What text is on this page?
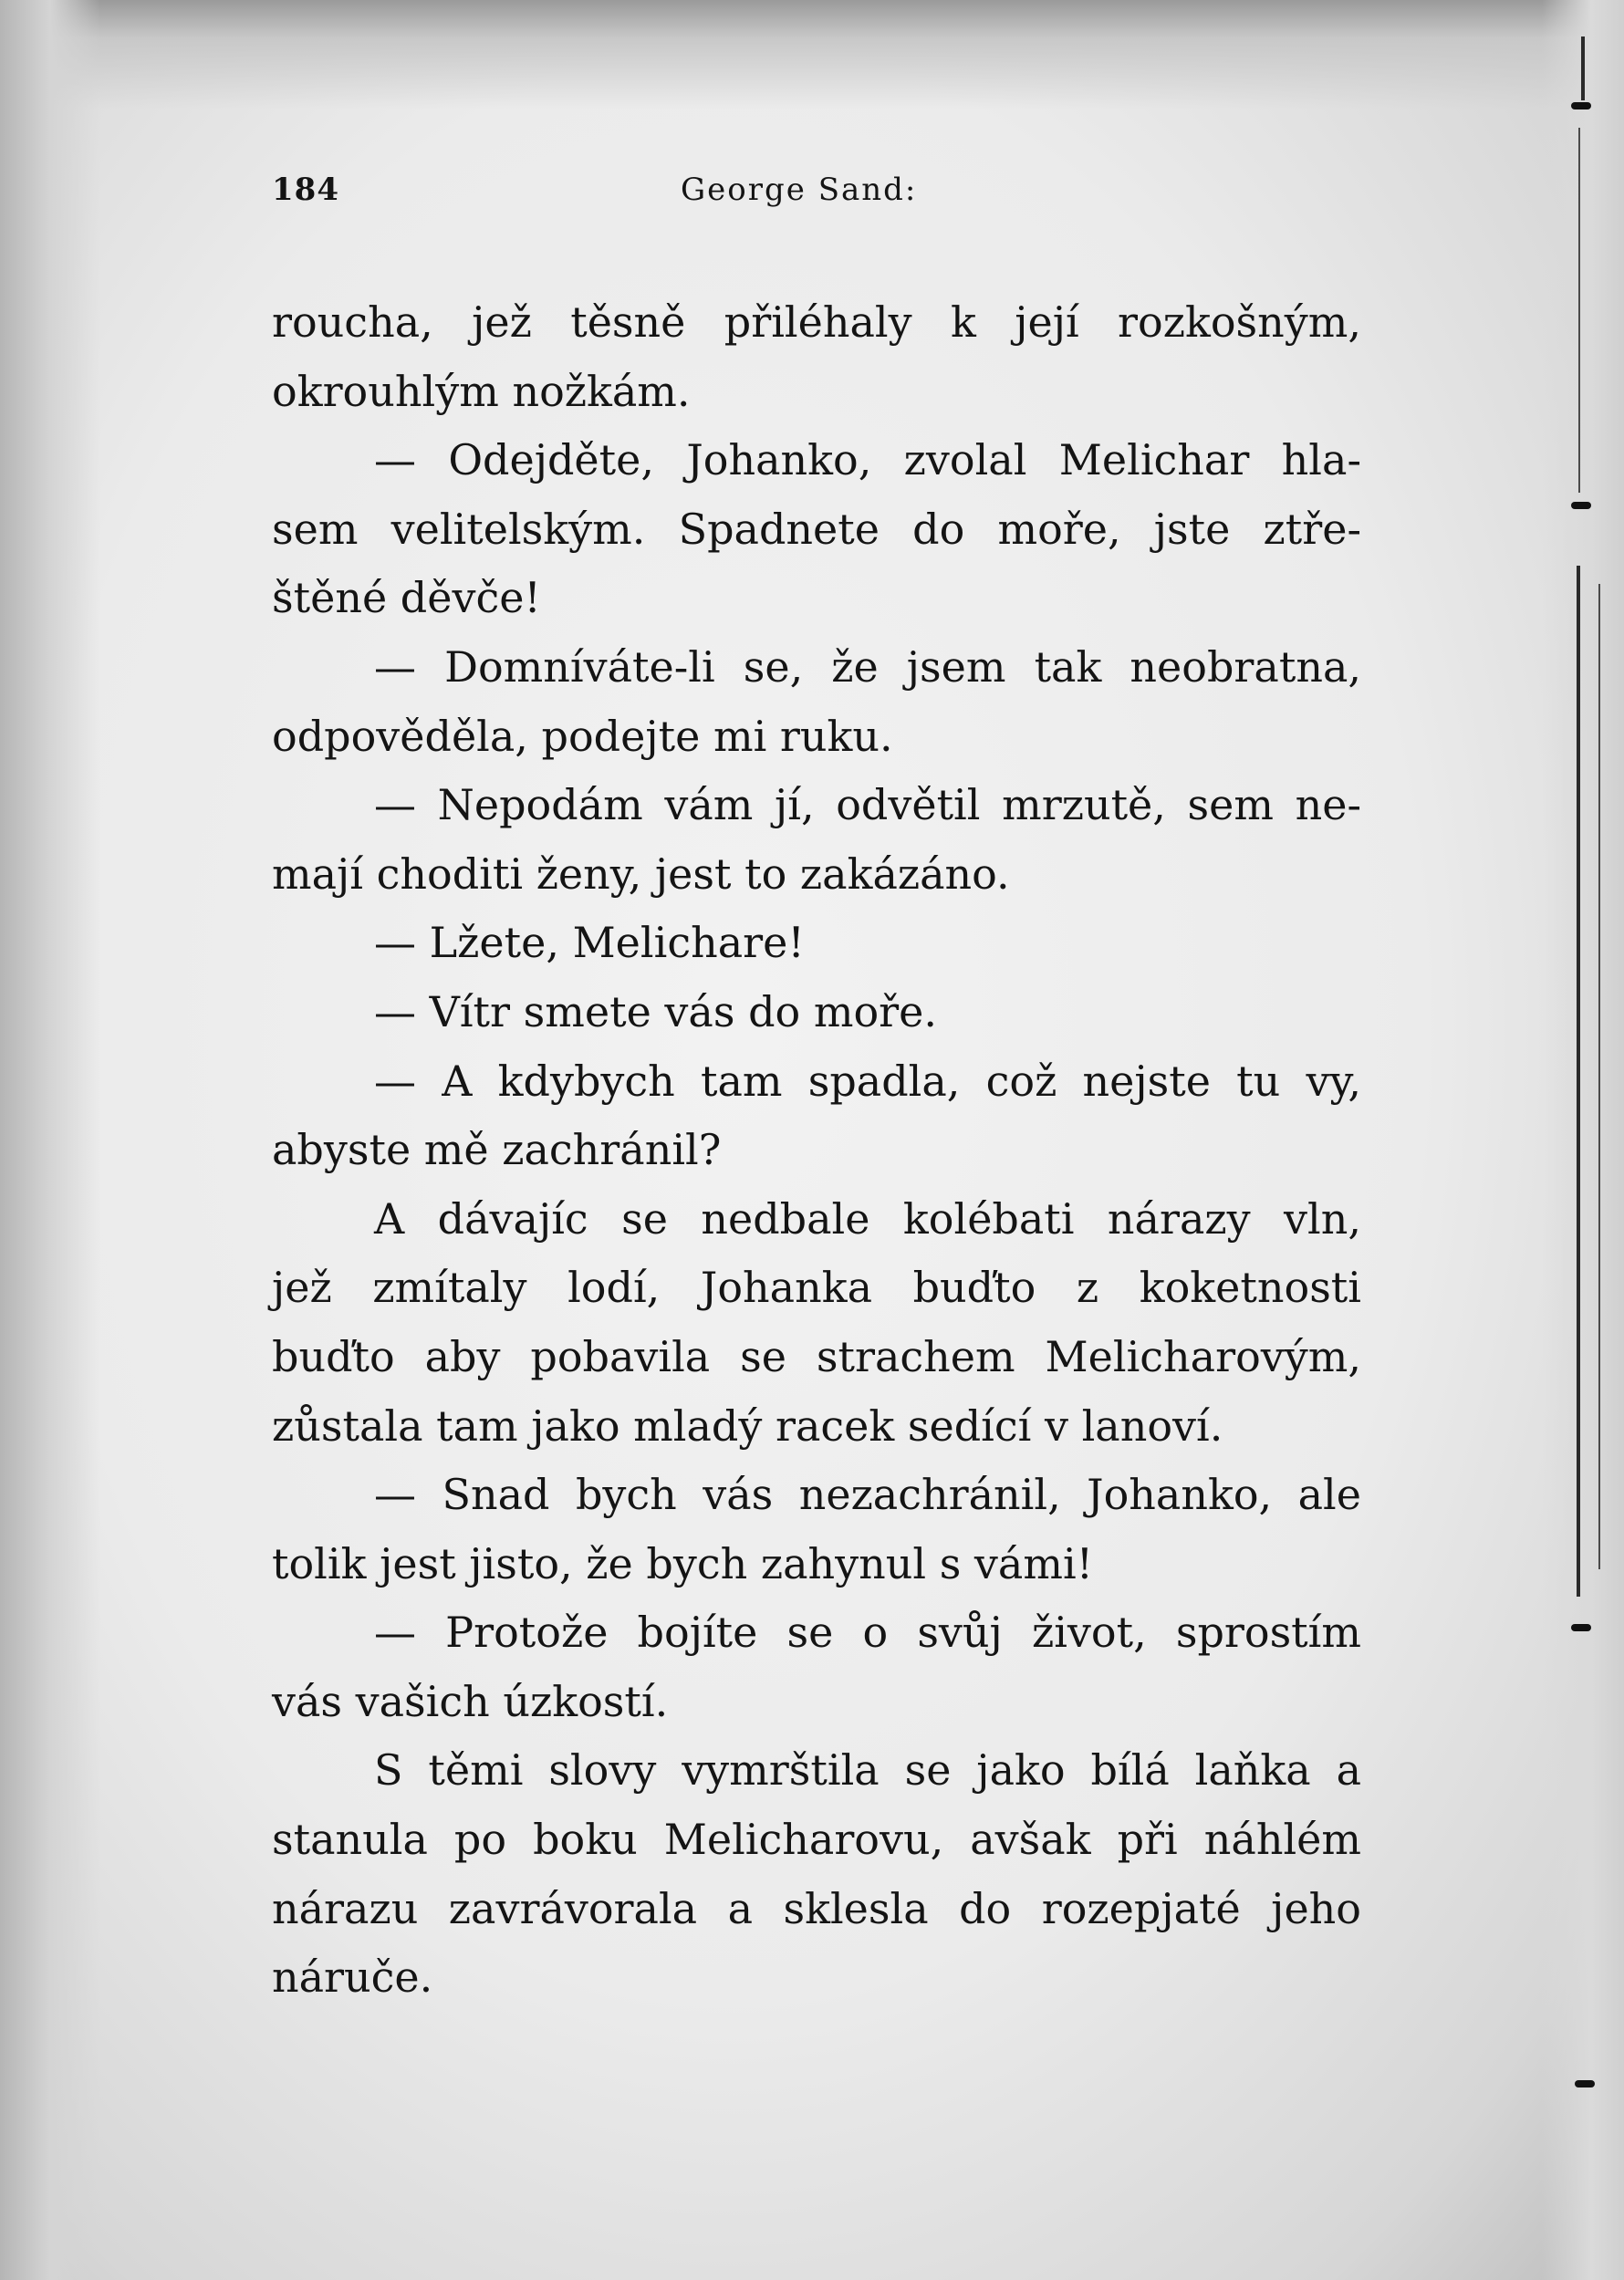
184	George Sand:
roucha, jež těsně přiléhaly k její rozkošným,
okrouhlým nožkám.
— Odejděte, Johanko, zvolal Melichar hla-
sem velitelským. Spadnete do moře, jste ztře-
štěné děvče!
— Domníváte-li se, že jsem tak neobratna,
odpověděla, podejte mi ruku.
— Nepodám vám jí, odvětil mrzutě, sem ne-
mají choditi ženy, jest to zakázáno.
— Lžete, Melichare!
— Vítr smete vás do moře.
— A kdybych tam spadla, což nejste tu vy,
abyste mě zachránil?
A dávajíc se nedbale kolébati nárazy vln,
jež zmítaly lodí, Johanka buďto z koketnosti
buďto aby pobavila se strachem Melicharovým,
zůstala tam jako mladý racek sedící v lanoví.
— Snad bych vás nezachránil, Johanko, ale
tolik jest jisto, že bych zahynul s vámi!
— Protože bojíte se o svůj život, sprostím
vás vašich úzkostí.
S těmi slovy vymrštila se jako bílá laňka a
stanula po boku Melicharovu, avšak při náhlém
nárazu zavrávorala a sklesla do rozepjaté jeho
náruče.
